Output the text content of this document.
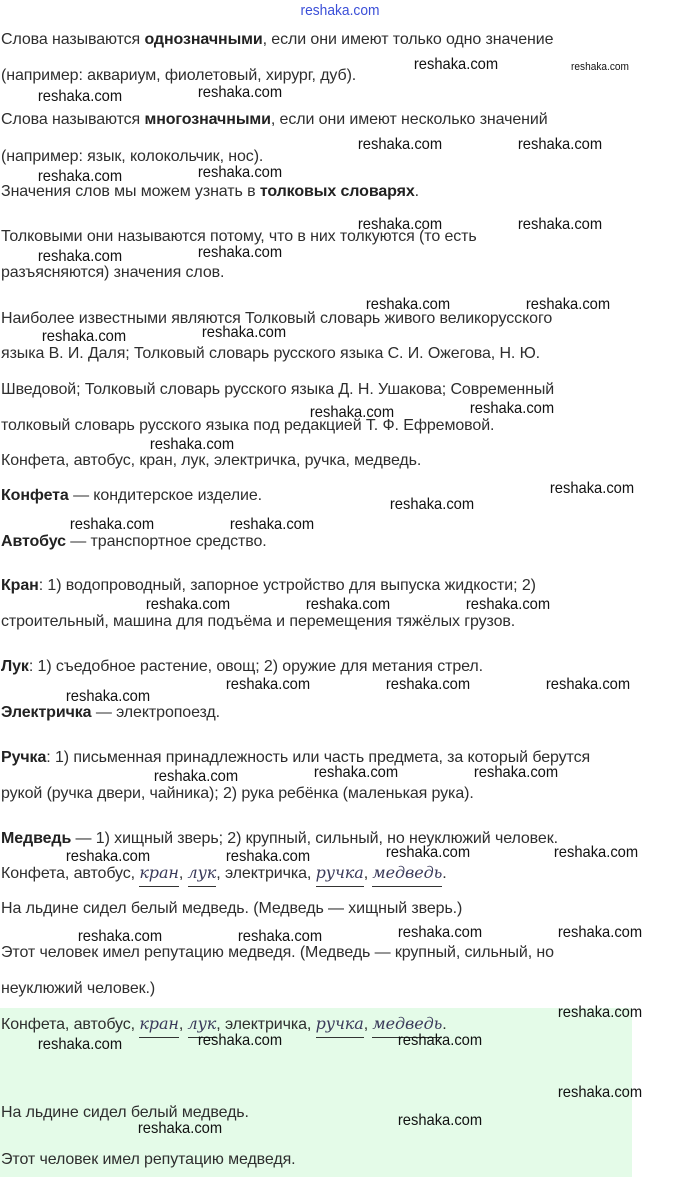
Слова называются однозначными, если они имеют только одно значение
(например: аквариум, фиолетовый, хирург, дуб).
Слова называются многозначными, если они имеют несколько значений
(например: язык, колокольчик, нос).
Значения слов мы можем узнать в толковых словарях.
Толковыми они называются потому, что в них толкуются (то есть
разъясняются) значения слов.
Наиболее известными являются Толковый словарь живого великорусского
языка В. И. Даля; Толковый словарь русского языка С. И. Ожегова, Н. Ю.
Шведовой; Толковый словарь русского языка Д. Н. Ушакова; Современный
толковый словарь русского языка под редакцией Т. Ф. Ефремовой.
Конфета, автобус, кран, лук, электричка, ручка, медведь.
Конфета — кондитерское изделие.
Автобус — транспортное средство.
Кран: 1) водопроводный, запорное устройство для выпуска жидкости; 2)
строительный, машина для подъёма и перемещения тяжёлых грузов.
Лук: 1) съедобное растение, овощ; 2) оружие для метания стрел.
Электричка — электропоезд.
Ручка: 1) письменная принадлежность или часть предмета, за который берутся
рукой (ручка двери, чайника); 2) рука ребёнка (маленькая рука).
Медведь — 1) хищный зверь; 2) крупный, сильный, но неуклюжий человек.
Конфета, автобус, кран, лук, электричка, ручка, медведь.
На льдине сидел белый медведь. (Медведь — хищный зверь.)
Этот человек имел репутацию медведя. (Медведь — крупный, сильный, но
неуклюжий человек.)
Конфета, автобус, кран, лук, электричка, ручка, медведь.
На льдине сидел белый медведь.
Этот человек имел репутацию медведя.
reshaka.com
reshaka.com	reshaka.com
reshaka.com	reshaka.com
reshaka.com	reshaka.com
reshaka.com	reshaka.com
reshaka.com	reshaka.com
reshaka.com	reshaka.com
reshaka.com	reshaka.com
reshaka.com	reshaka.com
reshaka.com	reshaka.com
reshaka.com
reshaka.com
reshaka.com
reshaka.com	reshaka.com
reshaka.com	reshaka.com	reshaka.com
reshaka.com	reshaka.com	reshaka.com
reshaka.com
reshaka.com	reshaka.com	reshaka.com
reshaka.com	reshaka.com	reshaka.com	reshaka.com
reshaka.com	reshaka.com	reshaka.com	reshaka.com
reshaka.com
reshaka.com	reshaka.com	reshaka.com
reshaka.com
reshaka.com
reshaka.com
